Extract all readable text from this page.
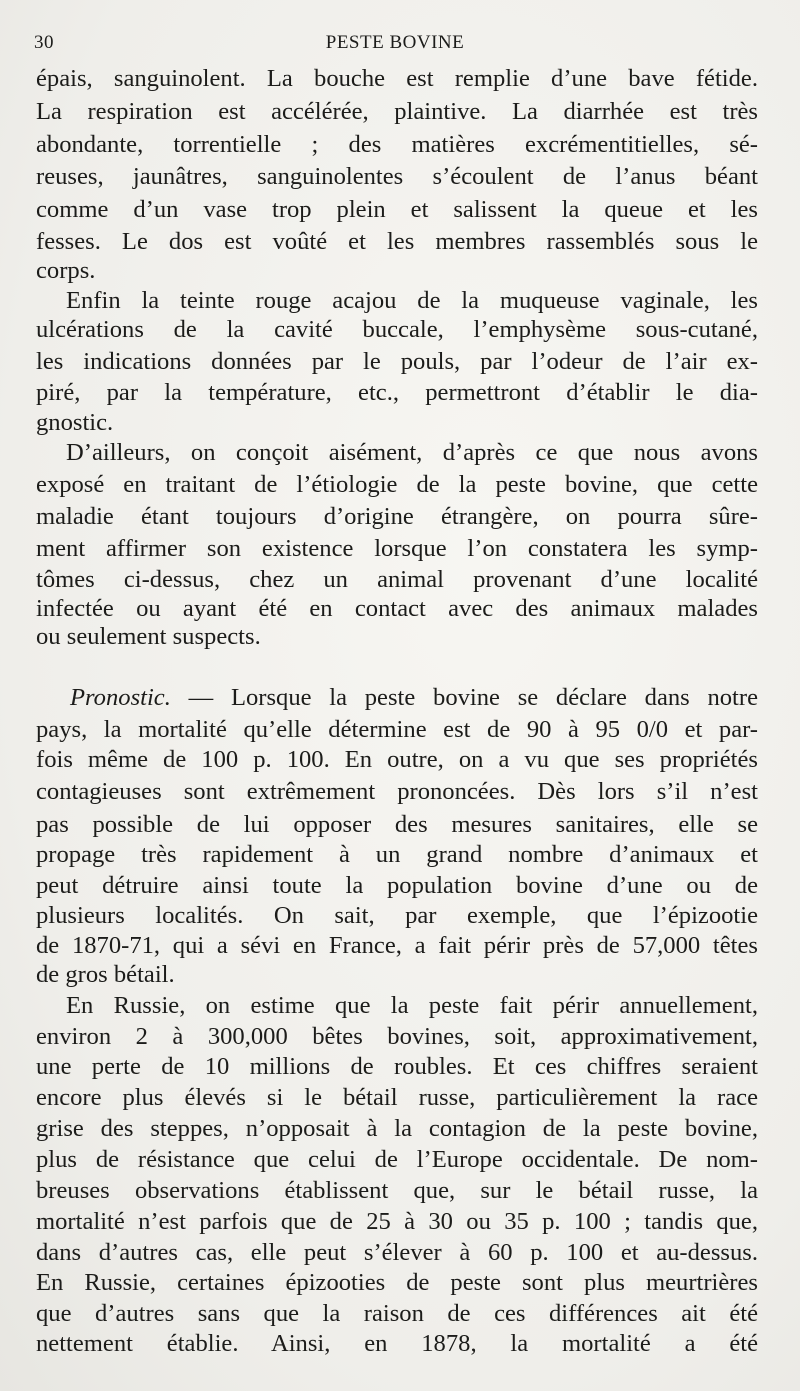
30	PESTE BOVINE
épais, sanguinolent. La bouche est remplie d’une bave fétide.
La respiration est accélérée, plaintive. La diarrhée est très
abondante, torrentielle ; des matières excrémentitielles, sé-
reuses, jaunâtres, sanguinolentes s’écoulent de l’anus béant
comme d’un vase trop plein et salissent la queue et les
fesses. Le dos est voûté et les membres rassemblés sous le
corps.
Enfin la teinte rouge acajou de la muqueuse vaginale, les
ulcérations de la cavité buccale, l’emphysème sous-cutané,
les indications données par le pouls, par l’odeur de l’air ex-
piré, par la température, etc., permettront d’établir le dia-
gnostic.
D’ailleurs, on conçoit aisément, d’après ce que nous avons
exposé en traitant de l’étiologie de la peste bovine, que cette
maladie étant toujours d’origine étrangère, on pourra sûre-
ment affirmer son existence lorsque l’on constatera les symp-
tômes ci-dessus, chez un animal provenant d’une localité
infectée ou ayant été en contact avec des animaux malades
ou seulement suspects.
Pronostic. — Lorsque la peste bovine se déclare dans notre
pays, la mortalité qu’elle détermine est de 90 à 95 0/0 et par-
fois même de 100 p. 100. En outre, on a vu que ses propriétés
contagieuses sont extrêmement prononcées. Dès lors s’il n’est
pas possible de lui opposer des mesures sanitaires, elle se
propage très rapidement à un grand nombre d’animaux et
peut détruire ainsi toute la population bovine d’une ou de
plusieurs localités. On sait, par exemple, que l’épizootie
de 1870-71, qui a sévi en France, a fait périr près de 57,000 têtes
de gros bétail.
En Russie, on estime que la peste fait périr annuellement,
environ 2 à 300,000 bêtes bovines, soit, approximativement,
une perte de 10 millions de roubles. Et ces chiffres seraient
encore plus élevés si le bétail russe, particulièrement la race
grise des steppes, n’opposait à la contagion de la peste bovine,
plus de résistance que celui de l’Europe occidentale. De nom-
breuses observations établissent que, sur le bétail russe, la
mortalité n’est parfois que de 25 à 30 ou 35 p. 100 ; tandis que,
dans d’autres cas, elle peut s’élever à 60 p. 100 et au-dessus.
En Russie, certaines épizooties de peste sont plus meurtrières
que d’autres sans que la raison de ces différences ait été
nettement établie. Ainsi, en 1878, la mortalité a été
